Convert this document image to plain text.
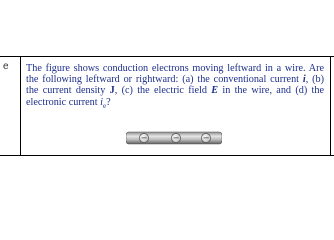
e The figure shows conduction electrons moving leftward in a wire. Are the following leftward or rightward: (a) the conventional current i, (b) the current density J, (c) the electric field E in the wire, and (d) the electronic current $i_e$?
−	−	−
